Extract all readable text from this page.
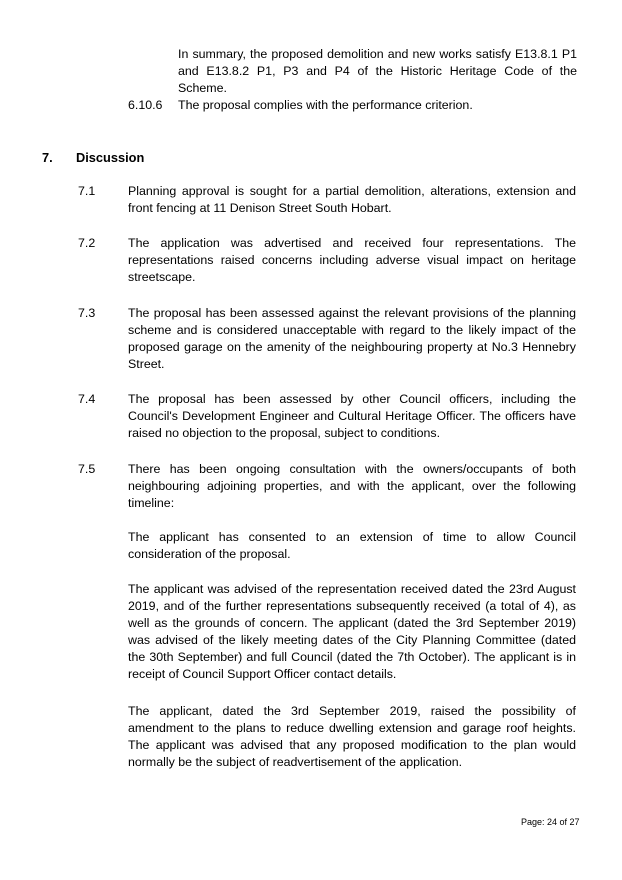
In summary, the proposed demolition and new works satisfy E13.8.1 P1 and E13.8.2 P1, P3 and P4 of the Historic Heritage Code of the Scheme.

6.10.6 The proposal complies with the performance criterion.

7. Discussion

7.1	Planning approval is sought for a partial demolition, alterations, extension and front fencing at 11 Denison Street South Hobart.

7.2	The application was advertised and received four representations. The representations raised concerns including adverse visual impact on heritage streetscape.

7.3	The proposal has been assessed against the relevant provisions of the planning scheme and is considered unacceptable with regard to the likely impact of the proposed garage on the amenity of the neighbouring property at No.3 Hennebry Street.

7.4	The proposal has been assessed by other Council officers, including the Council's Development Engineer and Cultural Heritage Officer. The officers have raised no objection to the proposal, subject to conditions.

7.5	There has been ongoing consultation with the owners/occupants of both neighbouring adjoining properties, and with the applicant, over the following timeline:

The applicant has consented to an extension of time to allow Council consideration of the proposal.

The applicant was advised of the representation received dated the 23rd August 2019, and of the further representations subsequently received (a total of 4), as well as the grounds of concern. The applicant (dated the 3rd September 2019) was advised of the likely meeting dates of the City Planning Committee (dated the 30th September) and full Council (dated the 7th October). The applicant is in receipt of Council Support Officer contact details.

The applicant, dated the 3rd September 2019, raised the possibility of amendment to the plans to reduce dwelling extension and garage roof heights. The applicant was advised that any proposed modification to the plan would normally be the subject of readvertisement of the application.

Page: 24 of 27
